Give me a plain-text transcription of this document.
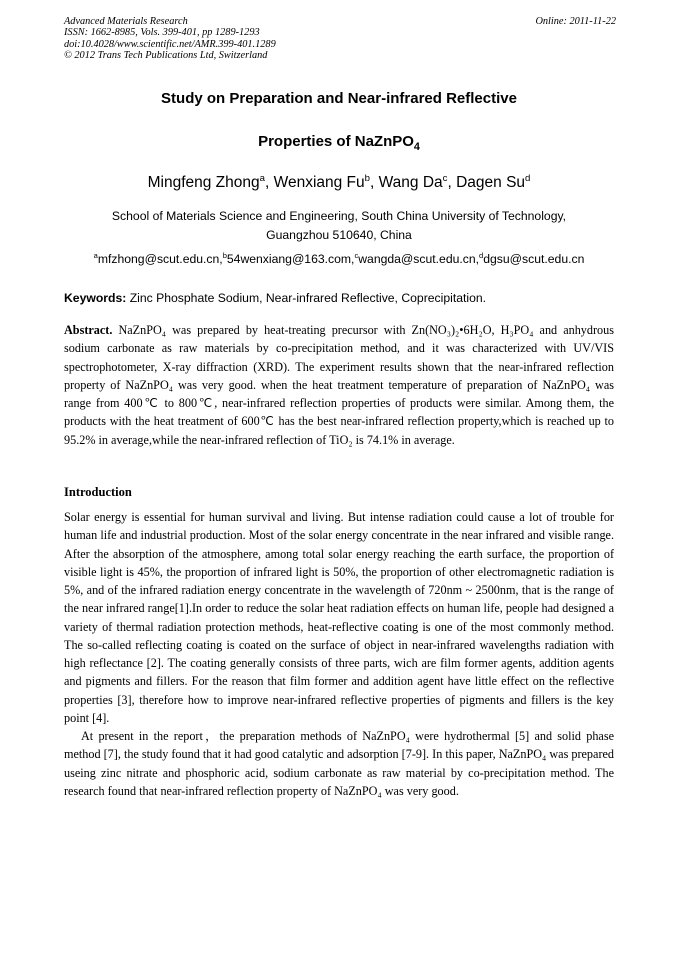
Advanced Materials Research
ISSN: 1662-8985, Vols. 399-401, pp 1289-1293
doi:10.4028/www.scientific.net/AMR.399-401.1289
© 2012 Trans Tech Publications Ltd, Switzerland
Online: 2011-11-22
Study on Preparation and Near-infrared Reflective
Properties of NaZnPO$_4$
Mingfeng Zhong$^a$, Wenxiang Fu$^b$, Wang Da$^c$, Dagen Su$^d$
School of Materials Science and Engineering, South China University of Technology,
Guangzhou 510640, China
$^a$mfzhong@scut.edu.cn,$^b$54wenxiang@163.com,$^c$wangda@scut.edu.cn,$^d$dgsu@scut.edu.cn
Keywords: Zinc Phosphate Sodium, Near-infrared Reflective, Coprecipitation.

Abstract. NaZnPO₄ was prepared by heat-treating precursor with Zn(NO₃)₂•6H₂O, H₃PO₄ and anhydrous sodium carbonate as raw materials by co-precipitation method, and it was characterized with UV/VIS spectrophotometer, X-ray diffraction (XRD). The experiment results shown that the near-infrared reflection property of NaZnPO₄ was very good. when the heat treatment temperature of preparation of NaZnPO₄ was range from 400℃ to 800℃, near-infrared reflection properties of products were similar. Among them, the products with the heat treatment of 600℃ has the best near-infrared reflection property,which is reached up to 95.2% in average,while the near-infrared reflection of TiO₂ is 74.1% in average.

Introduction

Solar energy is essential for human survival and living. But intense radiation could cause a lot of trouble for human life and industrial production. Most of the solar energy concentrate in the near infrared and visible range. After the absorption of the atmosphere, among total solar energy reaching the earth surface, the proportion of visible light is 45%, the proportion of infrared light is 50%, the proportion of other electromagnetic radiation is 5%, and of the infrared radiation energy concentrate in the wavelength of 720nm ~ 2500nm, that is the range of the near infrared range[1].In order to reduce the solar heat radiation effects on human life, people had designed a variety of thermal radiation protection methods, heat-reflective coating is one of the most commonly method. The so-called reflecting coating is coated on the surface of object in near-infrared wavelengths radiation with high reflectance [2]. The coating generally consists of three parts, wich are film former agents, addition agents and pigments and fillers. For the reason that film former and addition agent have little effect on the reflective properties [3], therefore how to improve near-infrared reflective properties of pigments and fillers is the key point [4].

At present in the report，the preparation methods of NaZnPO₄ were hydrothermal [5] and solid phase method [7], the study found that it had good catalytic and adsorption [7-9]. In this paper, NaZnPO₄ was prepared useing zinc nitrate and phosphoric acid, sodium carbonate as raw material by co-precipitation method. The research found that near-infrared reflection property of NaZnPO₄ was very good.
